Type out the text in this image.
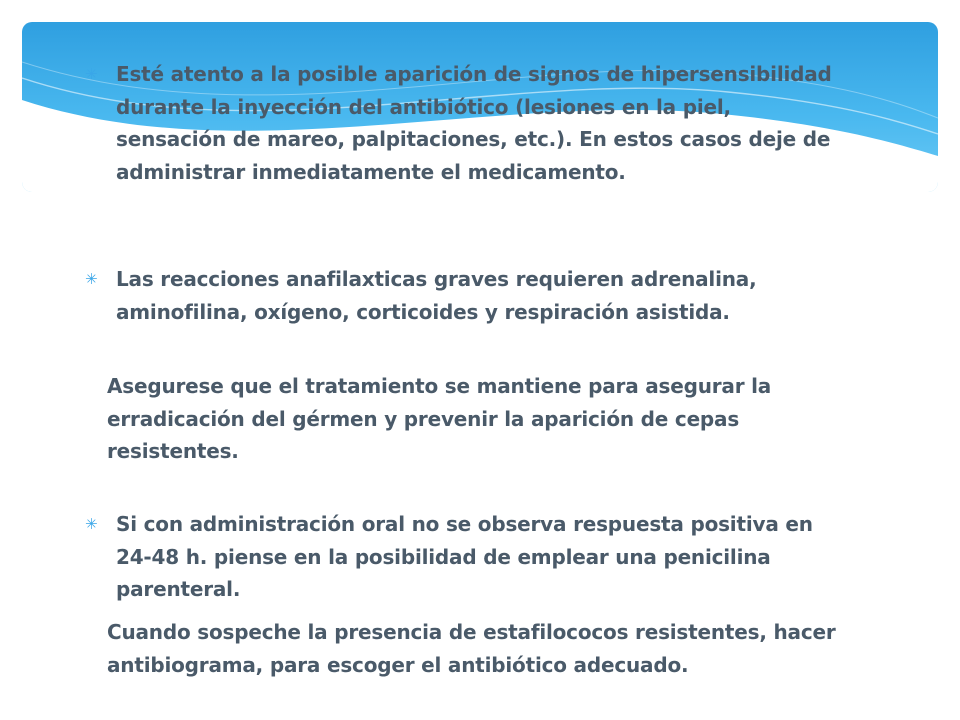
✳ Esté atento a la posible aparición de signos de hipersensibilidad durante la inyección del antibiótico (lesiones en la piel, sensación de mareo, palpitaciones, etc.). En estos casos deje de administrar inmediatamente el medicamento.
✳ Las reacciones anafilaxticas graves requieren adrenalina, aminofilina, oxígeno, corticoides y respiración asistida.
Asegurese que el tratamiento se mantiene para asegurar la erradicación del gérmen y prevenir la aparición de cepas resistentes.
✳ Si con administración oral no se observa respuesta positiva en 24-48 h. piense en la posibilidad de emplear una penicilina parenteral.
Cuando sospeche la presencia de estafilococos resistentes, hacer antibiograma, para escoger el antibiótico adecuado.
